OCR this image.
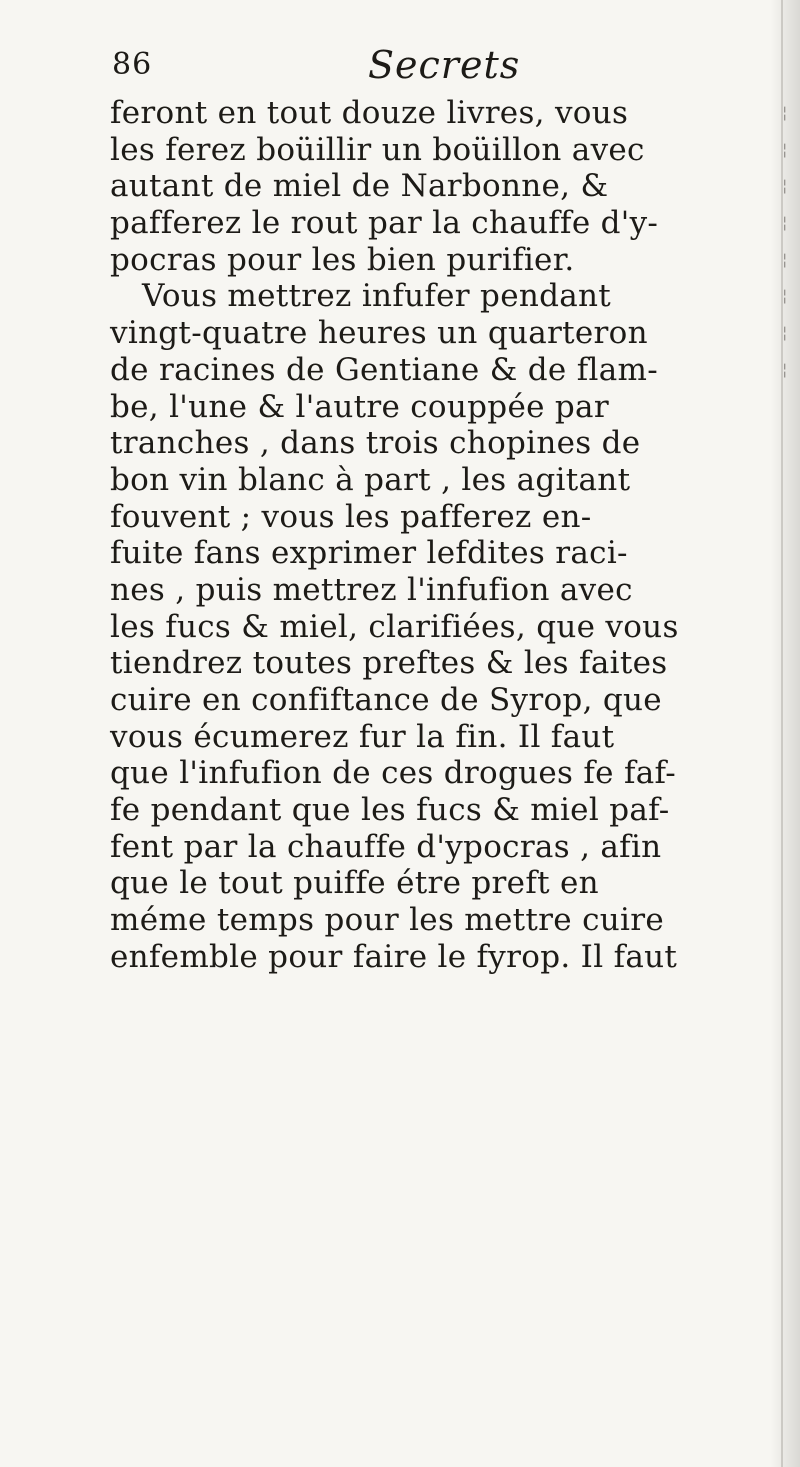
86	Secrets
feront en tout douze livres, vous
les ferez boüillir un boüillon avec
autant de miel de Narbonne, &
pafferez le rout par la chauffe d'y-
pocras pour les bien purifier.
Vous mettrez infufer pendant
vingt-quatre heures un quarteron
de racines de Gentiane & de flam-
be, l'une & l'autre couppée par
tranches , dans trois chopines de
bon vin blanc à part , les agitant
fouvent ; vous les pafferez en-
fuite fans exprimer lefdites raci-
nes , puis mettrez l'infufion avec
les fucs & miel, clarifiées, que vous
tiendrez toutes preftes & les faites
cuire en confiftance de Syrop, que
vous écumerez fur la fin. Il faut
que l'infufion de ces drogues fe faf-
fe pendant que les fucs & miel paf-
fent par la chauffe d'ypocras , afin
que le tout puiffe étre preft en
méme temps pour les mettre cuire
enfemble pour faire le fyrop. Il faut
¦
¦
¦
¦
¦
¦
¦
¦
